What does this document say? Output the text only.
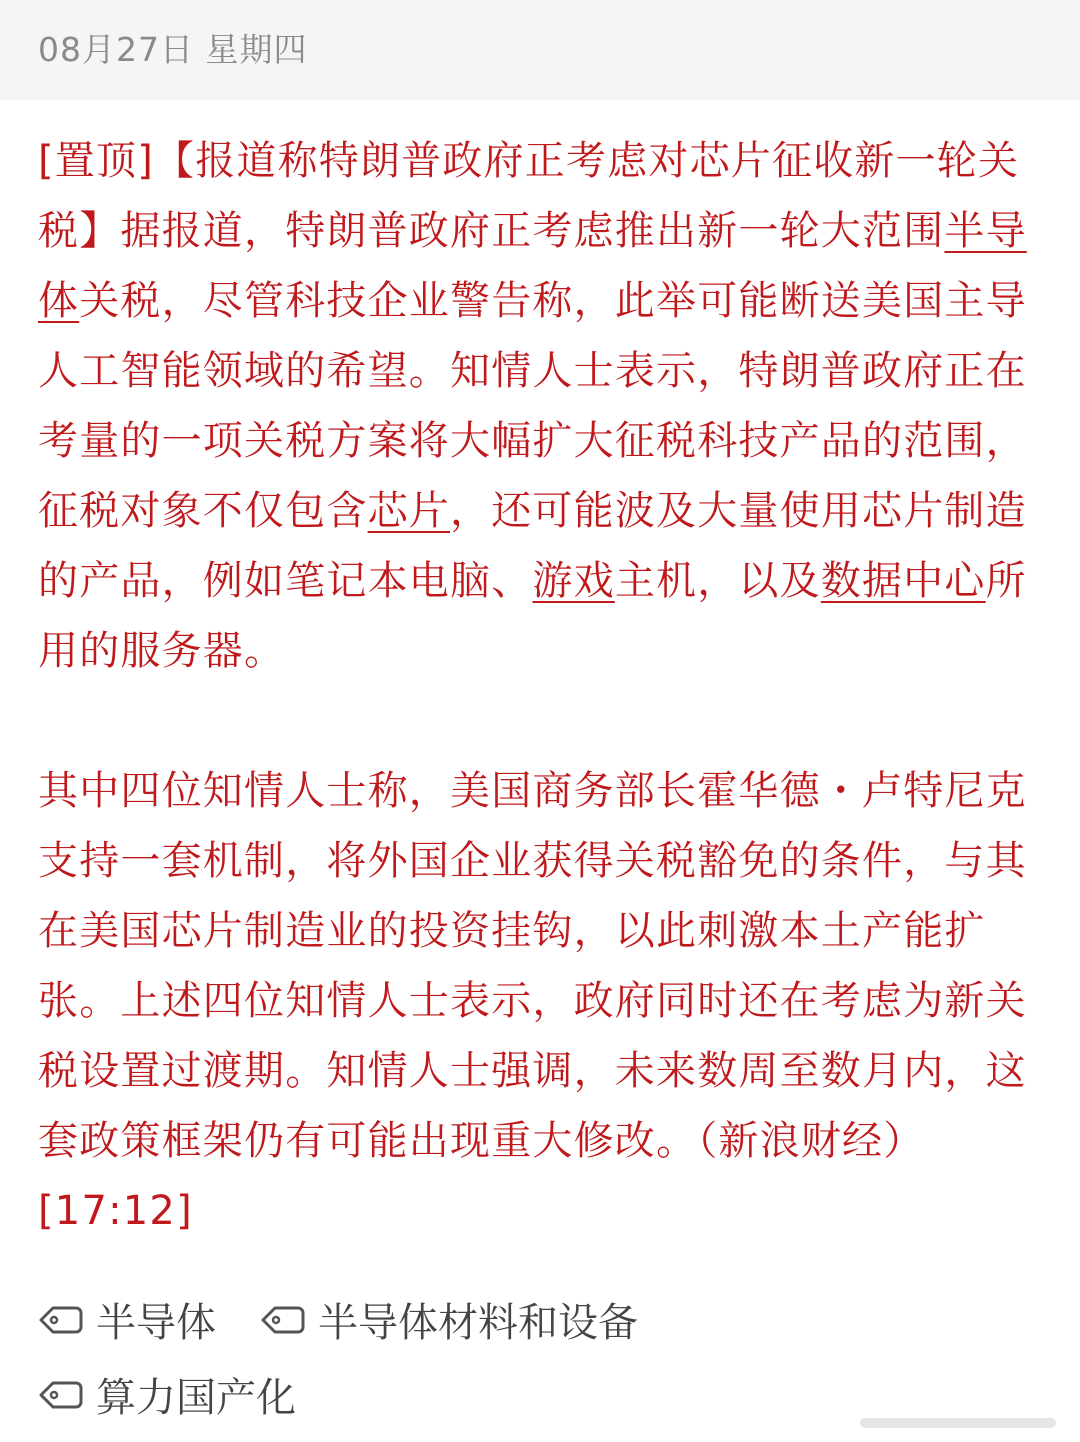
08月27日 星期四

[置顶]【报道称特朗普政府正考虑对芯片征收新一轮关税】据报道，特朗普政府正考虑推出新一轮大范围半导体关税，尽管科技企业警告称，此举可能断送美国主导人工智能领域的希望。知情人士表示，特朗普政府正在考量的一项关税方案将大幅扩大征税科技产品的范围，征税对象不仅包含芯片，还可能波及大量使用芯片制造的产品，例如笔记本电脑、游戏主机，以及数据中心所用的服务器。

其中四位知情人士称，美国商务部长霍华德・卢特尼克支持一套机制，将外国企业获得关税豁免的条件，与其在美国芯片制造业的投资挂钩，以此刺激本土产能扩张。上述四位知情人士表示，政府同时还在考虑为新关税设置过渡期。知情人士强调，未来数周至数月内，这套政策框架仍有可能出现重大修改。（新浪财经）[17:12]

半导体	半导体材料和设备
算力国产化
